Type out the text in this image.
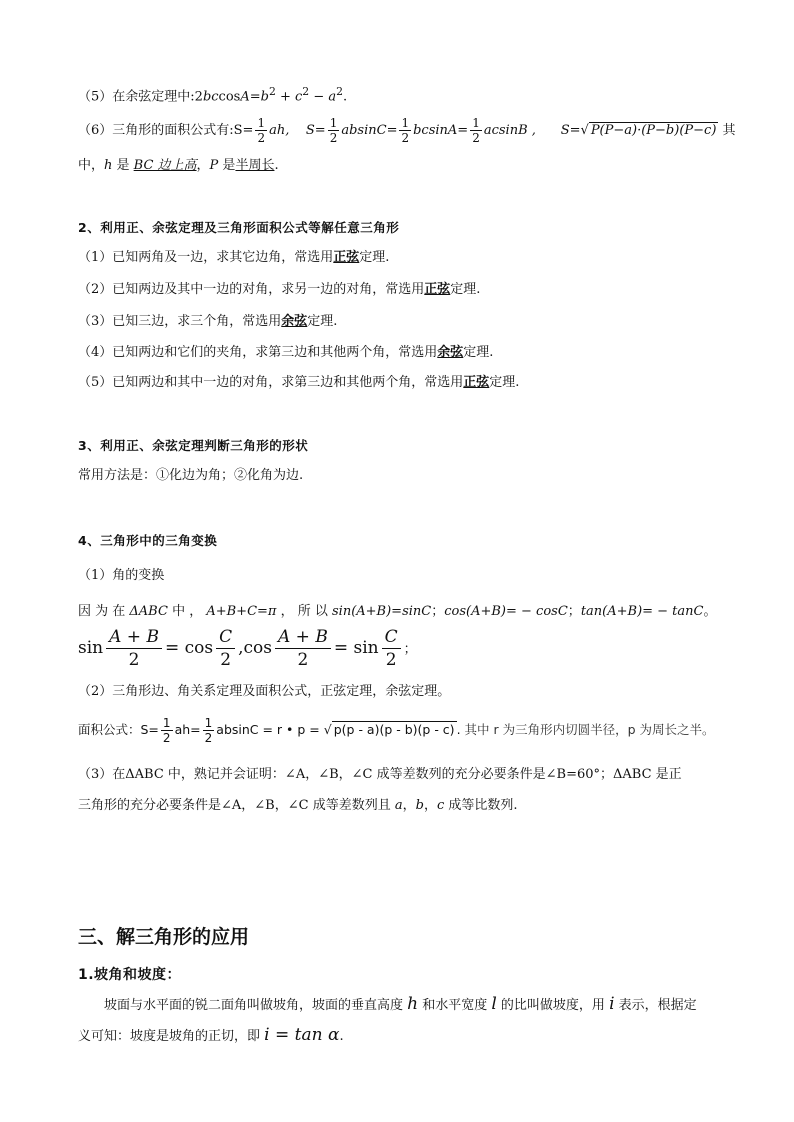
（5）在余弦定理中$:2bccosA=b^2 + c^2 - a^2$.
（6）三角形的面积公式有:S= $\frac{1}{2}$ ah, $S= \frac{1}{2} absinC= \frac{1}{2} bcsinA= \frac{1}{2}$ acsinB , S=√ P(P−a)·(P−b)(P−c) 其
中，h 是 BC 边上高，P 是半周长.
2、利用正、余弦定理及三角形面积公式等解任意三角形
（1）已知两角及一边，求其它边角，常选用正弦定理.
（2）已知两边及其中一边的对角，求另一边的对角，常选用正弦定理.
（3）已知三边，求三个角，常选用余弦定理.
（4）已知两边和它们的夹角，求第三边和其他两个角，常选用余弦定理.
（5）已知两边和其中一边的对角，求第三边和其他两个角，常选用正弦定理.
3、利用正、余弦定理判断三角形的形状
常用方法是：①化边为角；②化角为边.
4、三角形中的三角变换
（1）角的变换
因 为 在 ΔABC 中 ， A+B+C=π ， 所 以 sin(A+B)=sinC；cos(A+B)= − cosC；tan(A+B)= − tanC。
$\sin \frac{A + B}{2} = \cos \frac{C}{2} ,\cos \frac{A + B}{2} = \sin \frac{C}{2}$ ；
（2）三角形边、角关系定理及面积公式，正弦定理，余弦定理。
面积公式：$S= \frac{1}{2} ah= \frac{1}{2}$ absinC = r • p = √ p(p - a)(p - b)(p - c) . 其中 r 为三角形内切圆半径，p 为周长之半。
（3）在ΔABC 中，熟记并会证明：∠A，∠B，∠C 成等差数列的充分必要条件是∠B=60°；ΔABC 是正
三角形的充分必要条件是∠A，∠B，∠C 成等差数列且 a，b，c 成等比数列.
三、解三角形的应用
1.坡角和坡度：
坡面与水平面的锐二面角叫做坡角，坡面的垂直高度 h 和水平宽度 l 的比叫做坡度，用 i 表示，根据定
义可知：坡度是坡角的正切，即 i = tan α.
